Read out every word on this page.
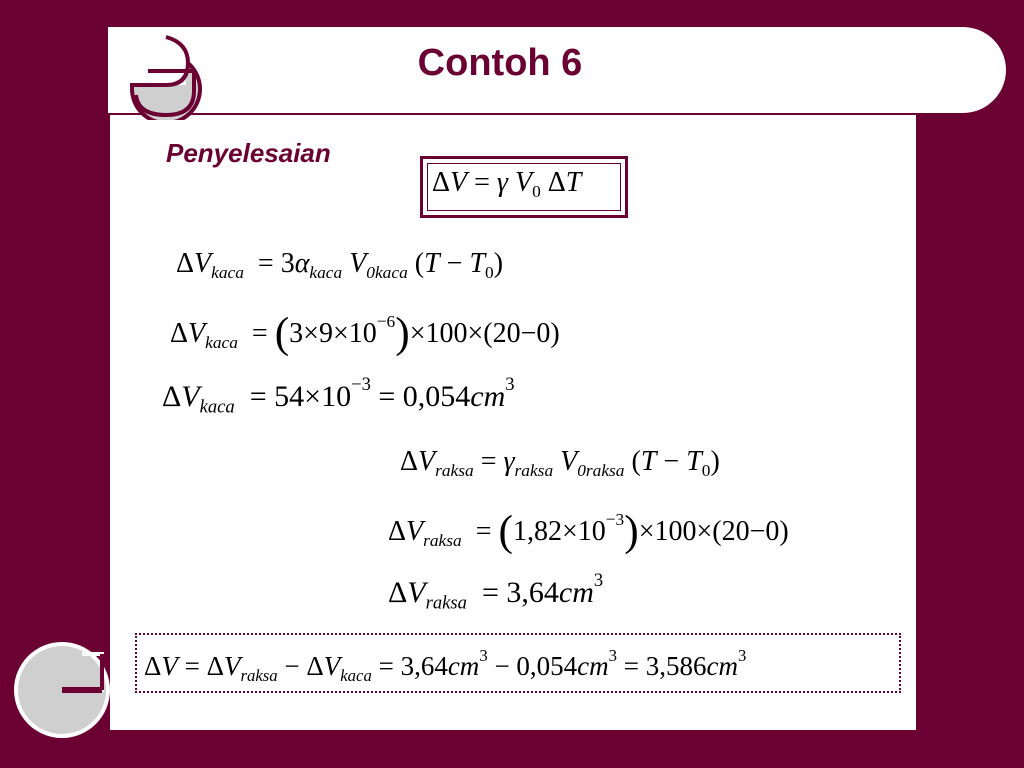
Contoh 6
Penyelesaian
ΔV = γ $V_0$ ΔT
$\Delta V_{kaca} = 3\alpha_{kaca}$ $V_{0kaca}$ $(T - T_0)$
$\Delta V_{kaca} = (3\times 9\times 10^{-6})\times 100\times(20-0)$
$\Delta V_{kaca} = 54\times 10^{-3} = 0,054cm^3$
$\Delta V_{raksa} = \gamma_{raksa}$ $V_{0raksa}$ $(T - T_0)$
$\Delta V_{raksa} = (1,82\times 10^{-3})\times 100\times(20-0)$
$\Delta V_{raksa} = 3,64cm^3$
$\Delta V = \Delta V_{raksa} - \Delta V_{kaca} = 3,64cm^3 - 0,054cm^3 = 3,586cm^3$
